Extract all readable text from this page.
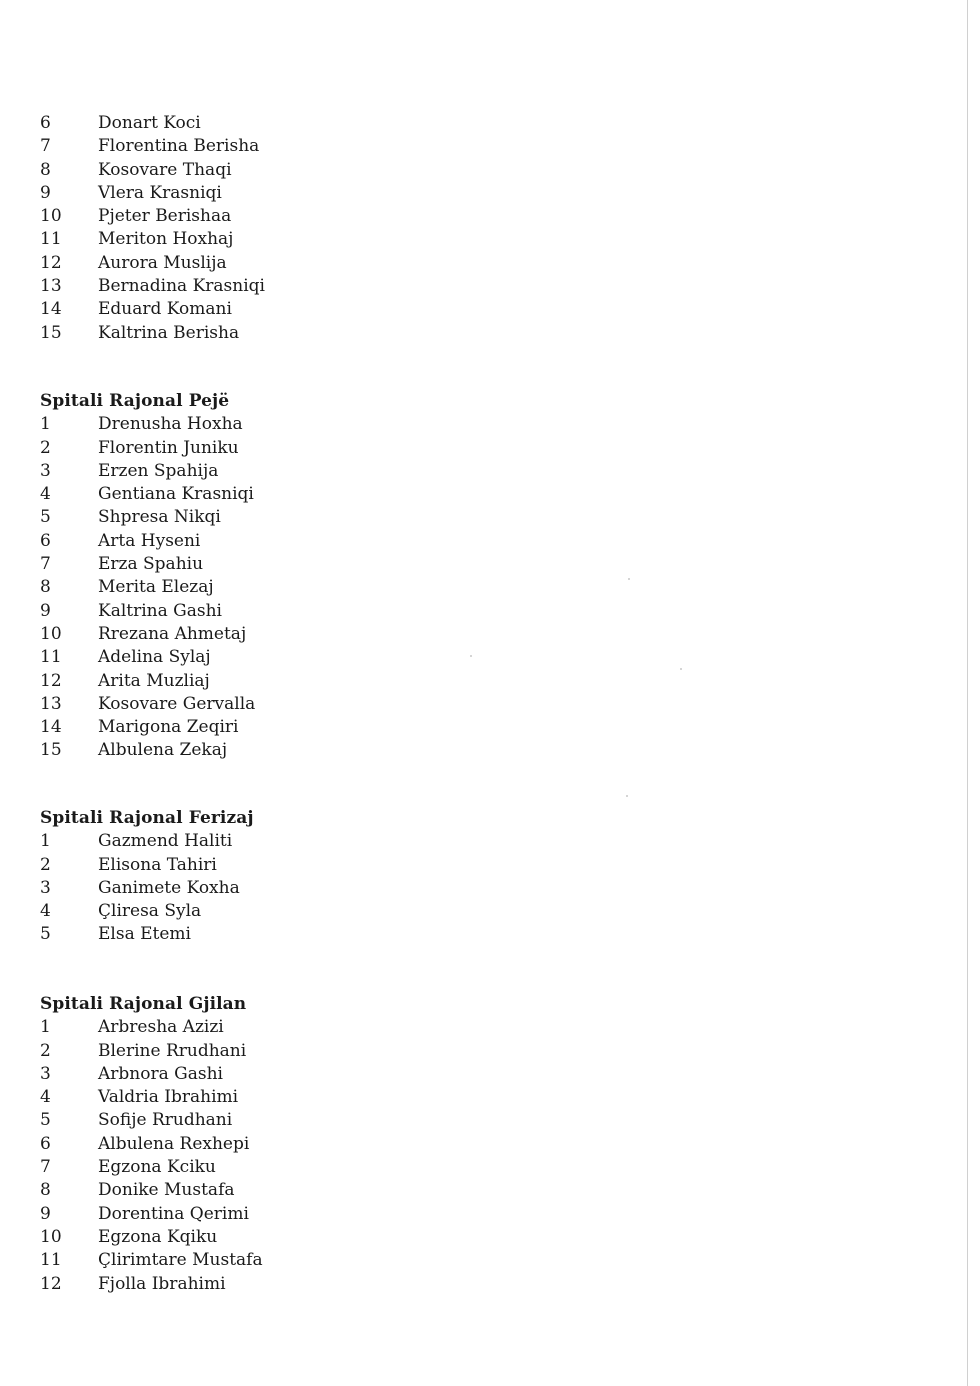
6	Donart Koci
7	Florentina Berisha
8	Kosovare Thaqi
9	Vlera Krasniqi
10	Pjeter Berishaa
11	Meriton Hoxhaj
12	Aurora Muslija
13	Bernadina Krasniqi
14	Eduard Komani
15	Kaltrina Berisha
Spitali Rajonal Pejë
1	Drenusha Hoxha
2	Florentin Juniku
3	Erzen Spahija
4	Gentiana Krasniqi
5	Shpresa Nikqi
6	Arta Hyseni
7	Erza Spahiu
8	Merita Elezaj
9	Kaltrina Gashi
10	Rrezana Ahmetaj
11	Adelina Sylaj
12	Arita Muzliaj
13	Kosovare Gervalla
14	Marigona Zeqiri
15	Albulena Zekaj
Spitali Rajonal Ferizaj
1	Gazmend Haliti
2	Elisona Tahiri
3	Ganimete Koxha
4	Çliresa Syla
5	Elsa Etemi
Spitali Rajonal Gjilan
1	Arbresha Azizi
2	Blerine Rrudhani
3	Arbnora Gashi
4	Valdria Ibrahimi
5	Sofije Rrudhani
6	Albulena Rexhepi
7	Egzona Kciku
8	Donike Mustafa
9	Dorentina Qerimi
10	Egzona Kqiku
11	Çlirimtare Mustafa
12	Fjolla Ibrahimi
